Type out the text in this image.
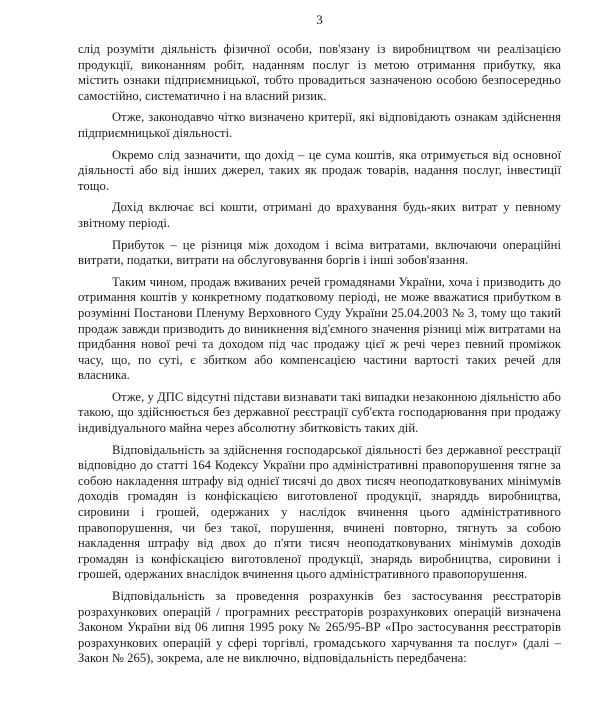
3

слід розуміти діяльність фізичної особи, пов'язану із виробництвом чи реалізацією продукції, виконанням робіт, наданням послуг із метою отримання прибутку, яка містить ознаки підприємницької, тобто провадиться зазначеною особою безпосередньо самостійно, систематично і на власний ризик.

Отже, законодавчо чітко визначено критерії, які відповідають ознакам здійснення підприємницької діяльності.

Окремо слід зазначити, що дохід – це сума коштів, яка отримується від основної діяльності або від інших джерел, таких як продаж товарів, надання послуг, інвестиції тощо.

Дохід включає всі кошти, отримані до врахування будь-яких витрат у певному звітному періоді.

Прибуток – це різниця між доходом і всіма витратами, включаючи операційні витрати, податки, витрати на обслуговування боргів і інші зобов'язання.

Таким чином, продаж вживаних речей громадянами України, хоча і призводить до отримання коштів у конкретному податковому періоді, не може вважатися прибутком в розумінні Постанови Пленуму Верховного Суду України 25.04.2003 № 3, тому що такий продаж завжди призводить до виникнення від'ємного значення різниці між витратами на придбання нової речі та доходом під час продажу цієї ж речі через певний проміжок часу, що, по суті, є збитком або компенсацією частини вартості таких речей для власника.

Отже, у ДПС відсутні підстави визнавати такі випадки незаконною діяльністю або такою, що здійснюється без державної реєстрації суб'єкта господарювання при продажу індивідуального майна через абсолютну збитковість таких дій.

Відповідальність за здійснення господарської діяльності без державної реєстрації відповідно до статті 164 Кодексу України про адміністративні правопорушення тягне за собою накладення штрафу від однієї тисячі до двох тисяч неоподатковуваних мінімумів доходів громадян із конфіскацією виготовленої продукції, знаряддь виробництва, сировини і грошей, одержаних у наслідок вчинення цього адміністративного правопорушення, чи без такої, порушення, вчинені повторно, тягнуть за собою накладення штрафу від двох до п'яти тисяч неоподатковуваних мінімумів доходів громадян із конфіскацією виготовленої продукції, знарядь виробництва, сировини і грошей, одержаних внаслідок вчинення цього адміністративного правопорушення.

Відповідальність за проведення розрахунків без застосування реєстраторів розрахункових операцій / програмних реєстраторів розрахункових операцій визначена Законом України від 06 липня 1995 року № 265/95-ВР «Про застосування реєстраторів розрахункових операцій у сфері торгівлі, громадського харчування та послуг» (далі – Закон № 265), зокрема, але не виключно, відповідальність передбачена:
